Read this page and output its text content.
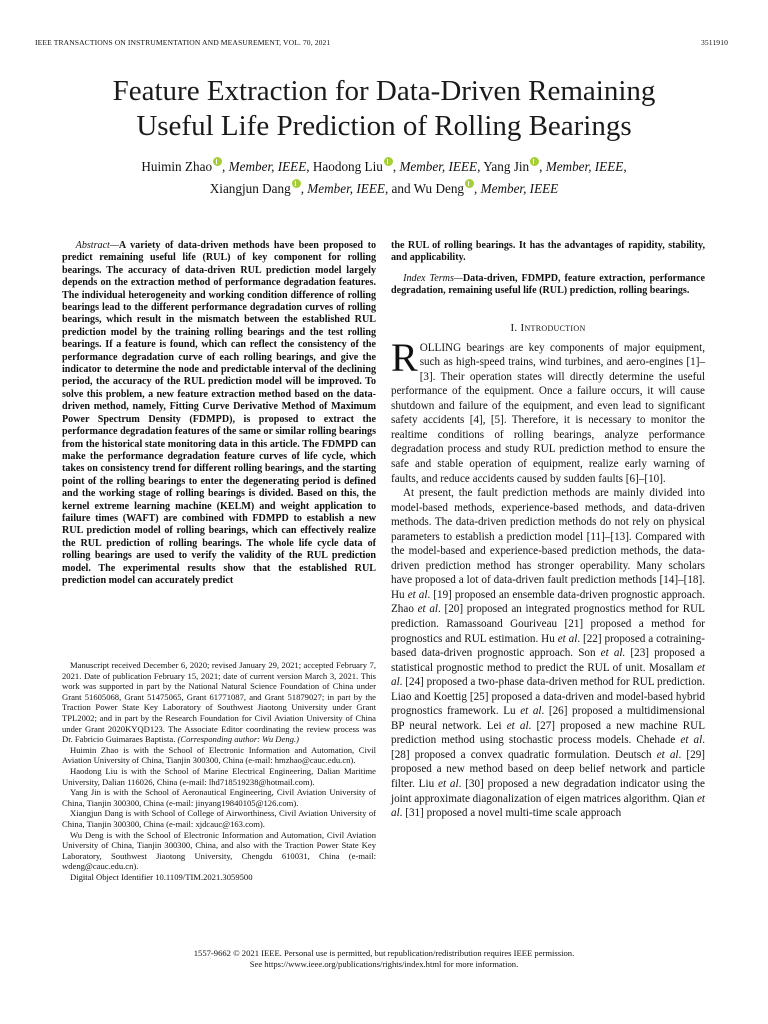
IEEE TRANSACTIONS ON INSTRUMENTATION AND MEASUREMENT, VOL. 70, 2021	3511910
Feature Extraction for Data-Driven Remaining
Useful Life Prediction of Rolling Bearings
Huimin Zhao , Member, IEEE, Haodong Liu , Member, IEEE, Yang Jin , Member, IEEE,
Xiangjun Dang , Member, IEEE, and Wu Deng , Member, IEEE

Abstract—A variety of data-driven methods have been proposed to predict remaining useful life (RUL) of key component for rolling bearings. The accuracy of data-driven RUL prediction model largely depends on the extraction method of performance degradation features. The individual heterogeneity and working condition difference of rolling bearings lead to the different performance degradation curves of rolling bearings, which result in the mismatch between the established RUL prediction model by the training rolling bearings and the test rolling bearings. If a feature is found, which can reflect the consistency of the performance degradation curve of each rolling bearings, and give the indicator to determine the node and predictable interval of the declining period, the accuracy of the RUL prediction model will be improved. To solve this problem, a new feature extraction method based on the data-driven method, namely, Fitting Curve Derivative Method of Maximum Power Spectrum Density (FDMPD), is proposed to extract the performance degradation features of the same or similar rolling bearings from the historical state monitoring data in this article. The FDMPD can make the performance degradation feature curves of life cycle, which takes on consistency trend for different rolling bearings, and the starting point of the rolling bearings to enter the degenerating period is defined and the working stage of rolling bearings is divided. Based on this, the kernel extreme learning machine (KELM) and weight application to failure times (WAFT) are combined with FDMPD to establish a new RUL prediction model of rolling bearings, which can effectively realize the RUL prediction of rolling bearings. The whole life cycle data of rolling bearings are used to verify the validity of the RUL prediction model. The experimental results show that the established RUL prediction model can accurately predict

the RUL of rolling bearings. It has the advantages of rapidity, stability, and applicability.

Index Terms—Data-driven, FDMPD, feature extraction, performance degradation, remaining useful life (RUL) prediction, rolling bearings.

I. Introduction

ROLLING bearings are key components of major equipment, such as high-speed trains, wind turbines, and aero-engines [1]–[3]. Their operation states will directly determine the useful performance of the equipment. Once a failure occurs, it will cause shutdown and failure of the equipment, and even lead to significant safety accidents [4], [5]. Therefore, it is necessary to monitor the realtime conditions of rolling bearings, analyze performance degradation process and study RUL prediction method to ensure the safe and stable operation of equipment, realize early warning of faults, and reduce accidents caused by sudden faults [6]–[10].

At present, the fault prediction methods are mainly divided into model-based methods, experience-based methods, and data-driven methods. The data-driven prediction methods do not rely on physical parameters to establish a prediction model [11]–[13]. Compared with the model-based and experience-based prediction methods, the data-driven prediction method has stronger operability. Many scholars have proposed a lot of data-driven fault prediction methods [14]–[18]. Hu et al. [19] proposed an ensemble data-driven prognostic approach. Zhao et al. [20] proposed an integrated prognostics method for RUL prediction. Ramassoand Gouriveau [21] proposed a method for prognostics and RUL estimation. Hu et al. [22] proposed a cotraining-based data-driven prognostic approach. Son et al. [23] proposed a statistical prognostic method to predict the RUL of unit. Mosallam et al. [24] proposed a two-phase data-driven method for RUL prediction. Liao and Koettig [25] proposed a data-driven and model-based hybrid prognostics framework. Lu et al. [26] proposed a multidimensional BP neural network. Lei et al. [27] proposed a new machine RUL prediction method using stochastic process models. Chehade et al. [28] proposed a convex quadratic formulation. Deutsch et al. [29] proposed a new method based on deep belief network and particle filter. Liu et al. [30] proposed a new degradation indicator using the joint approximate diagonalization of eigen matrices algorithm. Qian et al. [31] proposed a novel multi-time scale approach

Manuscript received December 6, 2020; revised January 29, 2021; accepted February 7, 2021. Date of publication February 15, 2021; date of current version March 3, 2021. This work was supported in part by the National Natural Science Foundation of China under Grant 51605068, Grant 51475065, Grant 61771087, and Grant 51879027; in part by the Traction Power State Key Laboratory of Southwest Jiaotong University under Grant TPL2002; and in part by the Research Foundation for Civil Aviation University of China under Grant 2020KYQD123. The Associate Editor coordinating the review process was Dr. Fabricio Guimaraes Baptista. (Corresponding author: Wu Deng.)

Huimin Zhao is with the School of Electronic Information and Automation, Civil Aviation University of China, Tianjin 300300, China (e-mail: hmzhao@cauc.edu.cn).

Haodong Liu is with the School of Marine Electrical Engineering, Dalian Maritime University, Dalian 116026, China (e-mail: lhd718519238@hotmail.com).

Yang Jin is with the School of Aeronautical Engineering, Civil Aviation University of China, Tianjin 300300, China (e-mail: jinyang19840105@126.com).

Xiangjun Dang is with School of College of Airworthiness, Civil Aviation University of China, Tianjin 300300, China (e-mail: xjdcauc@163.com).

Wu Deng is with the School of Electronic Information and Automation, Civil Aviation University of China, Tianjin 300300, China, and also with the Traction Power State Key Laboratory, Southwest Jiaotong University, Chengdu 610031, China (e-mail: wdeng@cauc.edu.cn).

Digital Object Identifier 10.1109/TIM.2021.3059500

1557-9662 © 2021 IEEE. Personal use is permitted, but republication/redistribution requires IEEE permission.
See https://www.ieee.org/publications/rights/index.html for more information.
